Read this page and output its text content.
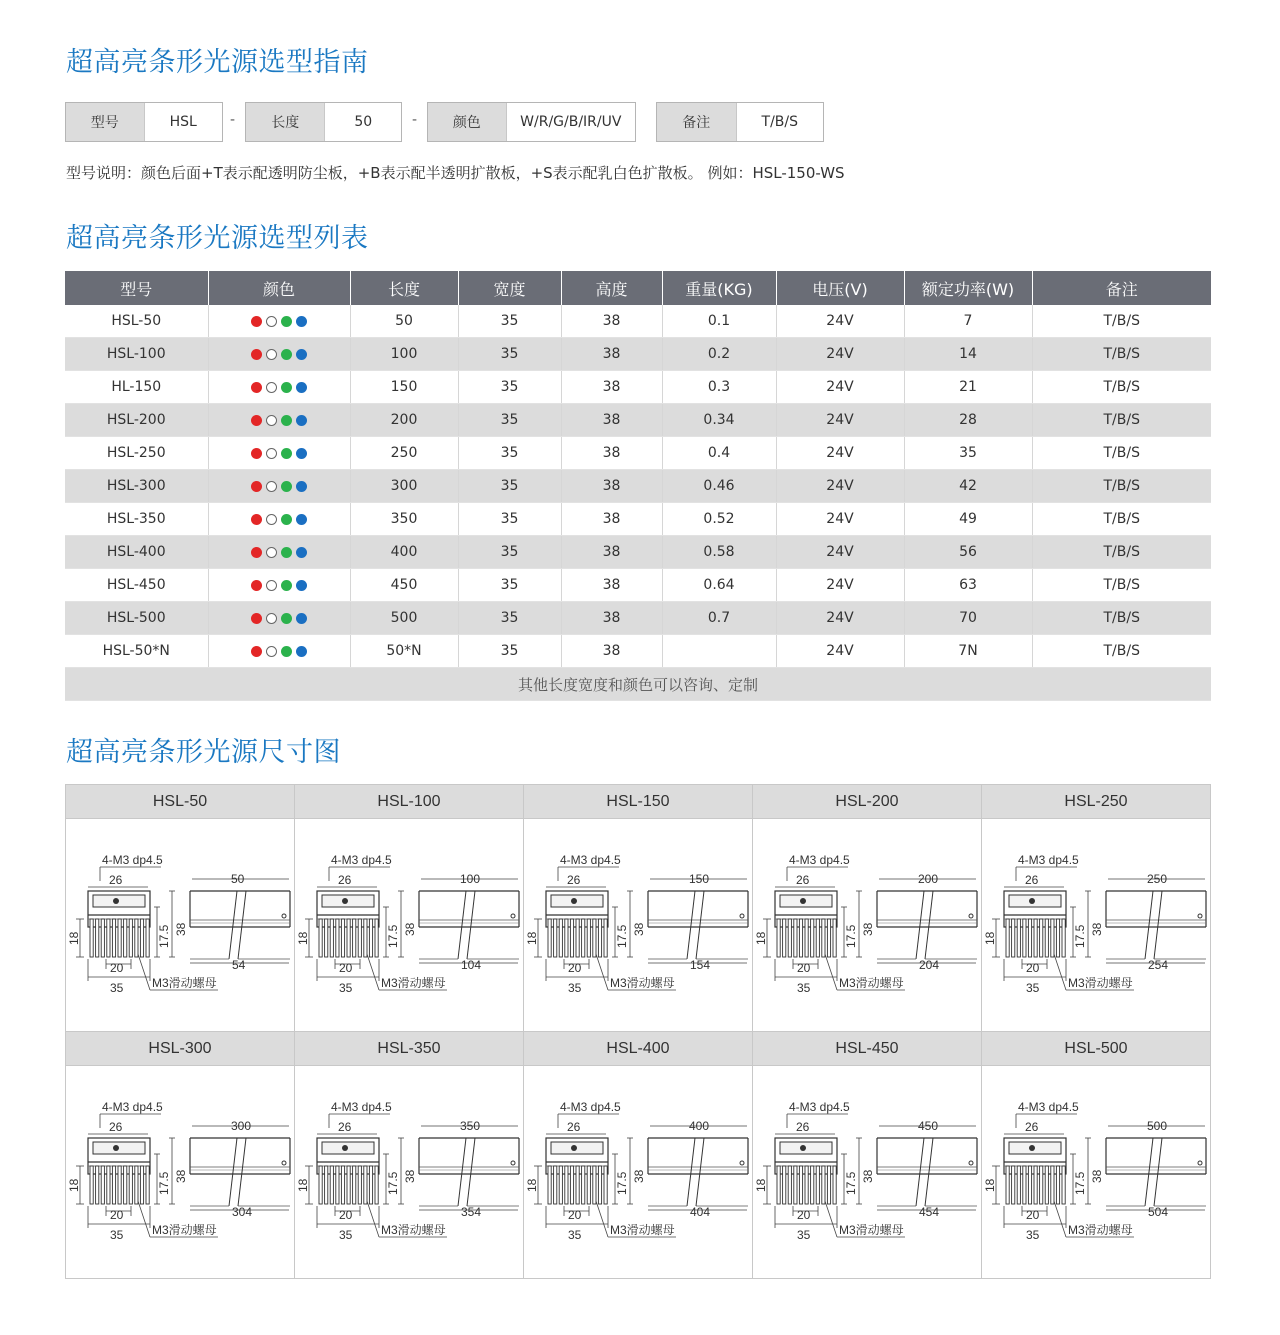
超高亮条形光源选型指南
型号	HSL	-	长度	50	-	颜色	W/R/G/B/IR/UV	备注	T/B/S
型号说明：颜色后面+T表示配透明防尘板，+B表示配半透明扩散板，+S表示配乳白色扩散板。 例如：HSL-150-WS
超高亮条形光源选型列表
型号	颜色	长度	宽度	高度	重量(KG)	电压(V)	额定功率(W)	备注
HSL-50		50	35	38	0.1	24V	7	T/B/S
HSL-100		100	35	38	0.2	24V	14	T/B/S
HL-150		150	35	38	0.3	24V	21	T/B/S
HSL-200		200	35	38	0.34	24V	28	T/B/S
HSL-250		250	35	38	0.4	24V	35	T/B/S
HSL-300		300	35	38	0.46	24V	42	T/B/S
HSL-350		350	35	38	0.52	24V	49	T/B/S
HSL-400		400	35	38	0.58	24V	56	T/B/S
HSL-450		450	35	38	0.64	24V	63	T/B/S
HSL-500		500	35	38	0.7	24V	70	T/B/S
HSL-50*N		50*N	35	38		24V	7N	T/B/S
其他长度宽度和颜色可以咨询、定制								
超高亮条形光源尺寸图
HSL-50
4-M3 dp4.5
26
18	17.5 38
20
35 M3滑动螺母
50
54
HSL-100
4-M3 dp4.5
26
18	17.5 38
20
35 M3滑动螺母
100
104
HSL-150
4-M3 dp4.5
26
18	17.5 38
20
35 M3滑动螺母
150
154
HSL-200
4-M3 dp4.5
26
18	17.5 38
20
35 M3滑动螺母
200
204
HSL-250
4-M3 dp4.5
26
18	17.5 38
20
35 M3滑动螺母
250
254
HSL-300
4-M3 dp4.5
26
18	17.5 38
20
35 M3滑动螺母
300
304
HSL-350
4-M3 dp4.5
26
18	17.5 38
20
35 M3滑动螺母
350
354
HSL-400
4-M3 dp4.5
26
18	17.5 38
20
35 M3滑动螺母
400
404
HSL-450
4-M3 dp4.5
26
18	17.5 38
20
35 M3滑动螺母
450
454
HSL-500
4-M3 dp4.5
26
18	17.5 38
20
35 M3滑动螺母
500
504
